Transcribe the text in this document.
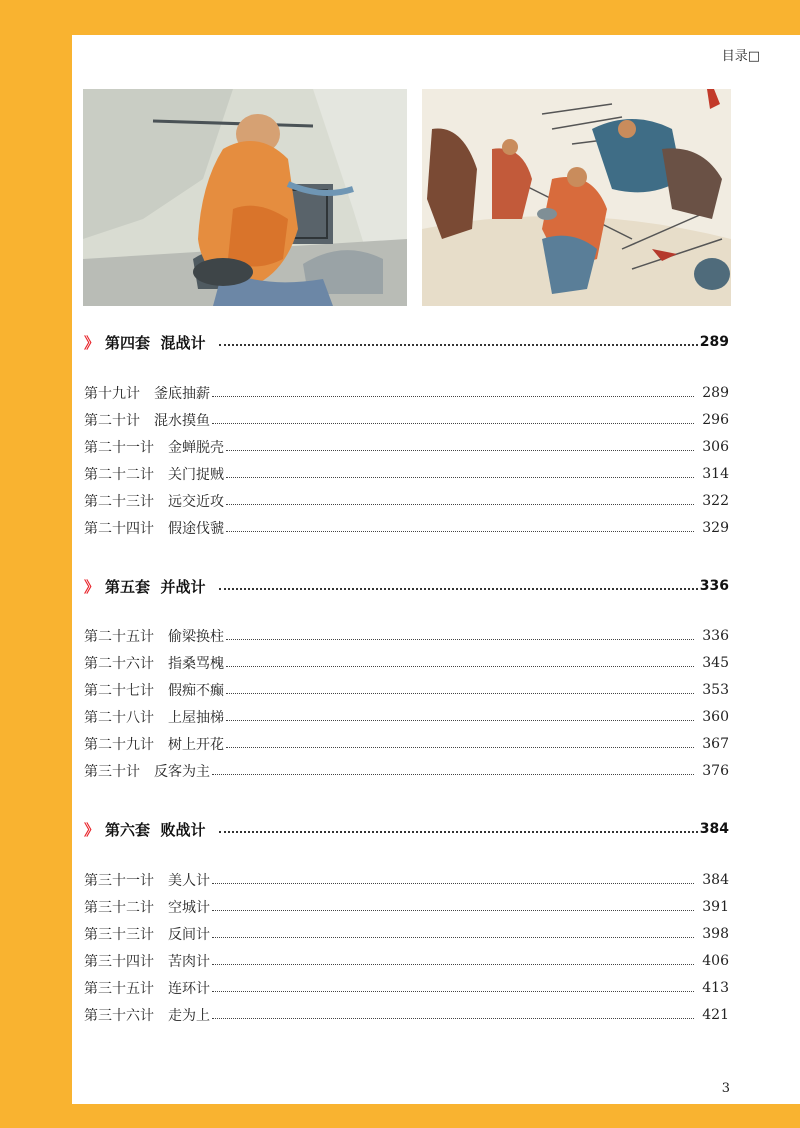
目录□
》 第四套  混战计	289
第十九计 釜底抽薪	289
第二十计 混水摸鱼	296
第二十一计 金蝉脱壳	306
第二十二计 关门捉贼	314
第二十三计 远交近攻	322
第二十四计 假途伐虢	329
》 第五套  并战计	336
第二十五计 偷梁换柱	336
第二十六计 指桑骂槐	345
第二十七计 假痴不癫	353
第二十八计 上屋抽梯	360
第二十九计 树上开花	367
第三十计 反客为主	376
》 第六套  败战计	384
第三十一计 美人计	384
第三十二计 空城计	391
第三十三计 反间计	398
第三十四计 苦肉计	406
第三十五计 连环计	413
第三十六计 走为上	421
3
